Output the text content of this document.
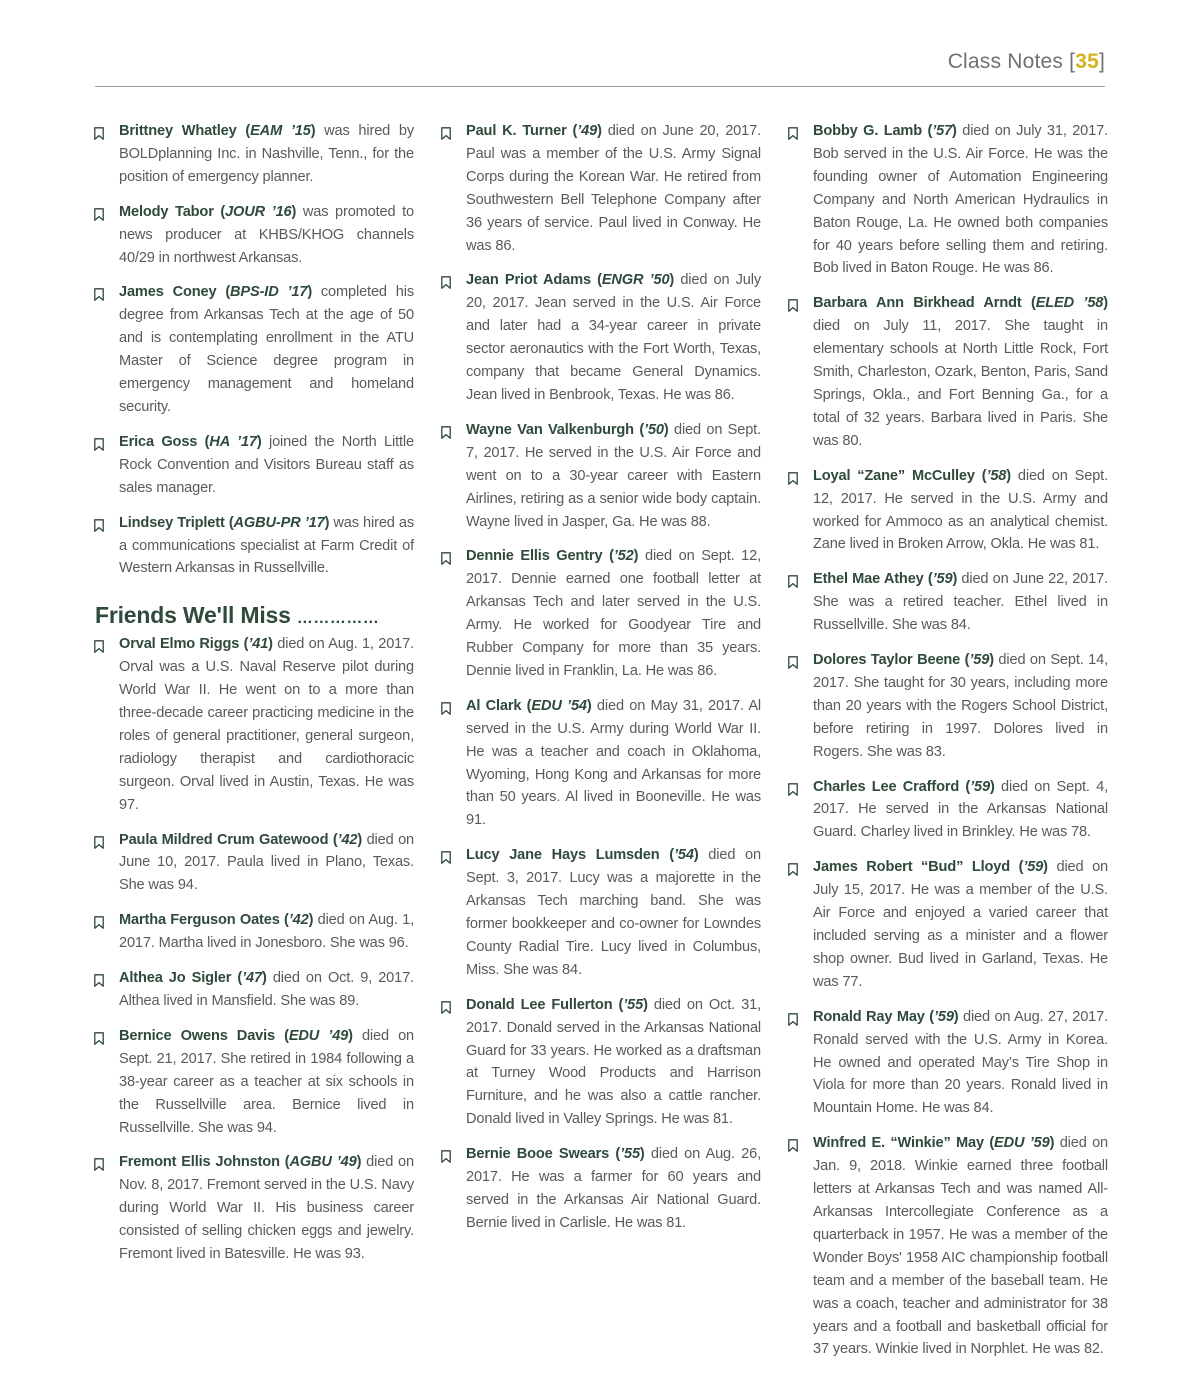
Class Notes [35]
Brittney Whatley (EAM ’15) was hired by BOLDplanning Inc. in Nashville, Tenn., for the position of emergency planner.
Melody Tabor (JOUR ’16) was promoted to news producer at KHBS/KHOG channels 40/29 in northwest Arkansas.
James Coney (BPS-ID ’17) completed his degree from Arkansas Tech at the age of 50 and is contemplating enrollment in the ATU Master of Science degree program in emergency management and homeland security.
Erica Goss (HA ’17) joined the North Little Rock Convention and Visitors Bureau staff as sales manager.
Lindsey Triplett (AGBU-PR ’17) was hired as a communications specialist at Farm Credit of Western Arkansas in Russellville.
Friends We'll Miss ……………
Orval Elmo Riggs (’41) died on Aug. 1, 2017. Orval was a U.S. Naval Reserve pilot during World War II. He went on to a more than three-decade career practicing medicine in the roles of general practitioner, general surgeon, radiology therapist and cardiothoracic surgeon. Orval lived in Austin, Texas. He was 97.
Paula Mildred Crum Gatewood (’42) died on June 10, 2017. Paula lived in Plano, Texas. She was 94.
Martha Ferguson Oates (’42) died on Aug. 1, 2017. Martha lived in Jonesboro. She was 96.
Althea Jo Sigler (’47) died on Oct. 9, 2017. Althea lived in Mansfield. She was 89.
Bernice Owens Davis (EDU ’49) died on Sept. 21, 2017. She retired in 1984 following a 38-year career as a teacher at six schools in the Russellville area. Bernice lived in Russellville. She was 94.
Fremont Ellis Johnston (AGBU ’49) died on Nov. 8, 2017. Fremont served in the U.S. Navy during World War II. His business career consisted of selling chicken eggs and jewelry. Fremont lived in Batesville. He was 93.
Paul K. Turner (’49) died on June 20, 2017. Paul was a member of the U.S. Army Signal Corps during the Korean War. He retired from Southwestern Bell Telephone Company after 36 years of service. Paul lived in Conway. He was 86.
Jean Priot Adams (ENGR ’50) died on July 20, 2017. Jean served in the U.S. Air Force and later had a 34-year career in private sector aeronautics with the Fort Worth, Texas, company that became General Dynamics. Jean lived in Benbrook, Texas. He was 86.
Wayne Van Valkenburgh (’50) died on Sept. 7, 2017. He served in the U.S. Air Force and went on to a 30-year career with Eastern Airlines, retiring as a senior wide body captain. Wayne lived in Jasper, Ga. He was 88.
Dennie Ellis Gentry (’52) died on Sept. 12, 2017. Dennie earned one football letter at Arkansas Tech and later served in the U.S. Army. He worked for Goodyear Tire and Rubber Company for more than 35 years. Dennie lived in Franklin, La. He was 86.
Al Clark (EDU ’54) died on May 31, 2017. Al served in the U.S. Army during World War II. He was a teacher and coach in Oklahoma, Wyoming, Hong Kong and Arkansas for more than 50 years. Al lived in Booneville. He was 91.
Lucy Jane Hays Lumsden (’54) died on Sept. 3, 2017. Lucy was a majorette in the Arkansas Tech marching band. She was former bookkeeper and co-owner for Lowndes County Radial Tire. Lucy lived in Columbus, Miss. She was 84.
Donald Lee Fullerton (’55) died on Oct. 31, 2017. Donald served in the Arkansas National Guard for 33 years. He worked as a draftsman at Turney Wood Products and Harrison Furniture, and he was also a cattle rancher. Donald lived in Valley Springs. He was 81.
Bernie Booe Swears (’55) died on Aug. 26, 2017. He was a farmer for 60 years and served in the Arkansas Air National Guard. Bernie lived in Carlisle. He was 81.
Bobby G. Lamb (’57) died on July 31, 2017. Bob served in the U.S. Air Force. He was the founding owner of Automation Engineering Company and North American Hydraulics in Baton Rouge, La. He owned both companies for 40 years before selling them and retiring. Bob lived in Baton Rouge. He was 86.
Barbara Ann Birkhead Arndt (ELED ’58) died on July 11, 2017. She taught in elementary schools at North Little Rock, Fort Smith, Charleston, Ozark, Benton, Paris, Sand Springs, Okla., and Fort Benning Ga., for a total of 32 years. Barbara lived in Paris. She was 80.
Loyal “Zane” McCulley (’58) died on Sept. 12, 2017. He served in the U.S. Army and worked for Ammoco as an analytical chemist. Zane lived in Broken Arrow, Okla. He was 81.
Ethel Mae Athey (’59) died on June 22, 2017. She was a retired teacher. Ethel lived in Russellville. She was 84.
Dolores Taylor Beene (’59) died on Sept. 14, 2017. She taught for 30 years, including more than 20 years with the Rogers School District, before retiring in 1997. Dolores lived in Rogers. She was 83.
Charles Lee Crafford (’59) died on Sept. 4, 2017. He served in the Arkansas National Guard. Charley lived in Brinkley. He was 78.
James Robert “Bud” Lloyd (’59) died on July 15, 2017. He was a member of the U.S. Air Force and enjoyed a varied career that included serving as a minister and a flower shop owner. Bud lived in Garland, Texas. He was 77.
Ronald Ray May (’59) died on Aug. 27, 2017. Ronald served with the U.S. Army in Korea. He owned and operated May’s Tire Shop in Viola for more than 20 years. Ronald lived in Mountain Home. He was 84.
Winfred E. “Winkie” May (EDU ’59) died on Jan. 9, 2018. Winkie earned three football letters at Arkansas Tech and was named All-Arkansas Intercollegiate Conference as a quarterback in 1957. He was a member of the Wonder Boys' 1958 AIC championship football team and a member of the baseball team. He was a coach, teacher and administrator for 38 years and a football and basketball official for 37 years. Winkie lived in Norphlet. He was 82.
